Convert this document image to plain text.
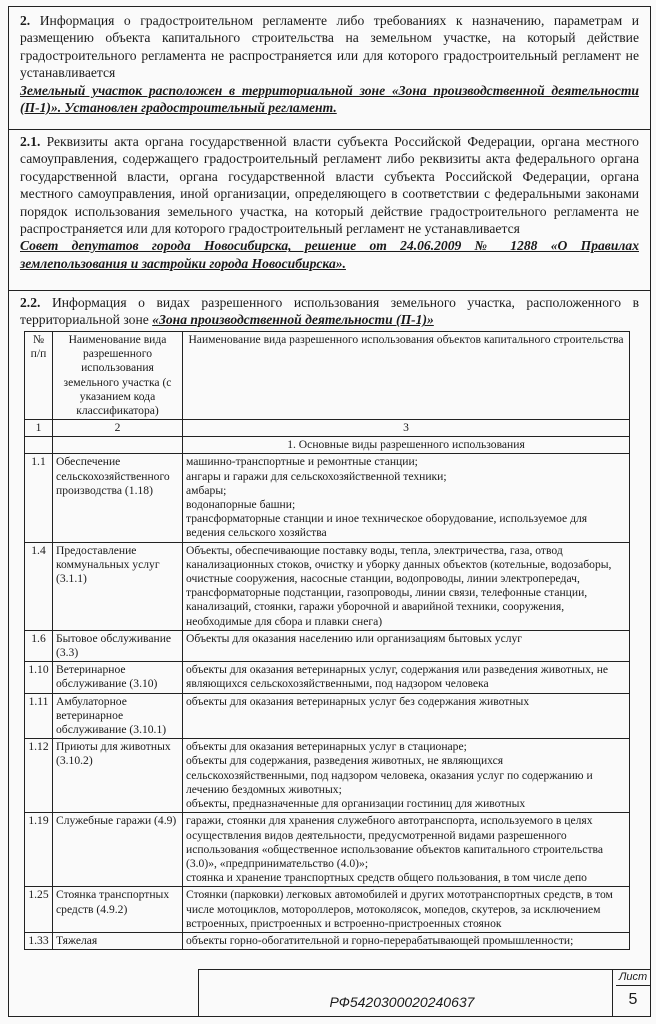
2. Информация о градостроительном регламенте либо требованиях к назначению, параметрам и размещению объекта капитального строительства на земельном участке, на который действие градостроительного регламента не распространяется или для которого градостроительный регламент не устанавливается
Земельный участок расположен в территориальной зоне «Зона производственной деятельности (П-1)». Установлен градостроительный регламент.
2.1. Реквизиты акта органа государственной власти субъекта Российской Федерации, органа местного самоуправления, содержащего градостроительный регламент либо реквизиты акта федерального органа государственной власти, органа государственной власти субъекта Российской Федерации, органа местного самоуправления, иной организации, определяющего в соответствии с федеральными законами порядок использования земельного участка, на который действие градостроительного регламента не распространяется или для которого градостроительный регламент не устанавливается
Совет депутатов города Новосибирска, решение от 24.06.2009 № 1288 «О Правилах землепользования и застройки города Новосибирска».
2.2. Информация о видах разрешенного использования земельного участка, расположенного в территориальной зоне «Зона производственной деятельности (П-1)»
№ п/п	Наименование вида разрешенного использования земельного участка (с указанием кода классификатора)	Наименование вида разрешенного использования объектов капитального строительства
1	2	3
		1. Основные виды разрешенного использования
1.1	Обеспечение сельскохозяйственного производства (1.18)	машинно-транспортные и ремонтные станции;
ангары и гаражи для сельскохозяйственной техники;
амбары;
водонапорные башни;
трансформаторные станции и иное техническое оборудование, используемое для ведения сельского хозяйства

1.4	Предоставление коммунальных услуг (3.1.1)	Объекты, обеспечивающие поставку воды, тепла, электричества, газа, отвод канализационных стоков, очистку и уборку данных объектов (котельные, водозаборы, очистные сооружения, насосные станции, водопроводы, линии электропередач, трансформаторные подстанции, газопроводы, линии связи, телефонные станции, канализаций, стоянки, гаражи уборочной и аварийной техники, сооружения, необходимые для сбора и плавки снега)

1.6	Бытовое обслуживание (3.3)	Объекты для оказания населению или организациям бытовых услуг

1.10	Ветеринарное обслуживание (3.10)	объекты для оказания ветеринарных услуг, содержания или разведения животных, не являющихся сельскохозяйственными, под надзором человека

1.11	Амбулаторное ветеринарное обслуживание (3.10.1)	объекты для оказания ветеринарных услуг без содержания животных

1.12	Приюты для животных (3.10.2)	объекты для оказания ветеринарных услуг в стационаре;
объекты для содержания, разведения животных, не являющихся сельскохозяйственными, под надзором человека, оказания услуг по содержанию и лечению бездомных животных;
объекты, предназначенные для организации гостиниц для животных

1.19	Служебные гаражи (4.9)	гаражи, стоянки для хранения служебного автотранспорта, используемого в целях осуществления видов деятельности, предусмотренной видами разрешенного использования «общественное использование объектов капитального строительства (3.0)», «предпринимательство (4.0)»;
стоянка и хранение транспортных средств общего пользования, в том числе депо

1.25	Стоянка транспортных средств (4.9.2)	Стоянки (парковки) легковых автомобилей и других мототранспортных средств, в том числе мотоциклов, мотороллеров, мотоколясок, мопедов, скутеров, за исключением встроенных, пристроенных и встроенно-пристроенных стоянок

1.33	Тяжелая	объекты горно-обогатительной и горно-перерабатывающей промышленности;
РФ5420300020240637
Лист
5
